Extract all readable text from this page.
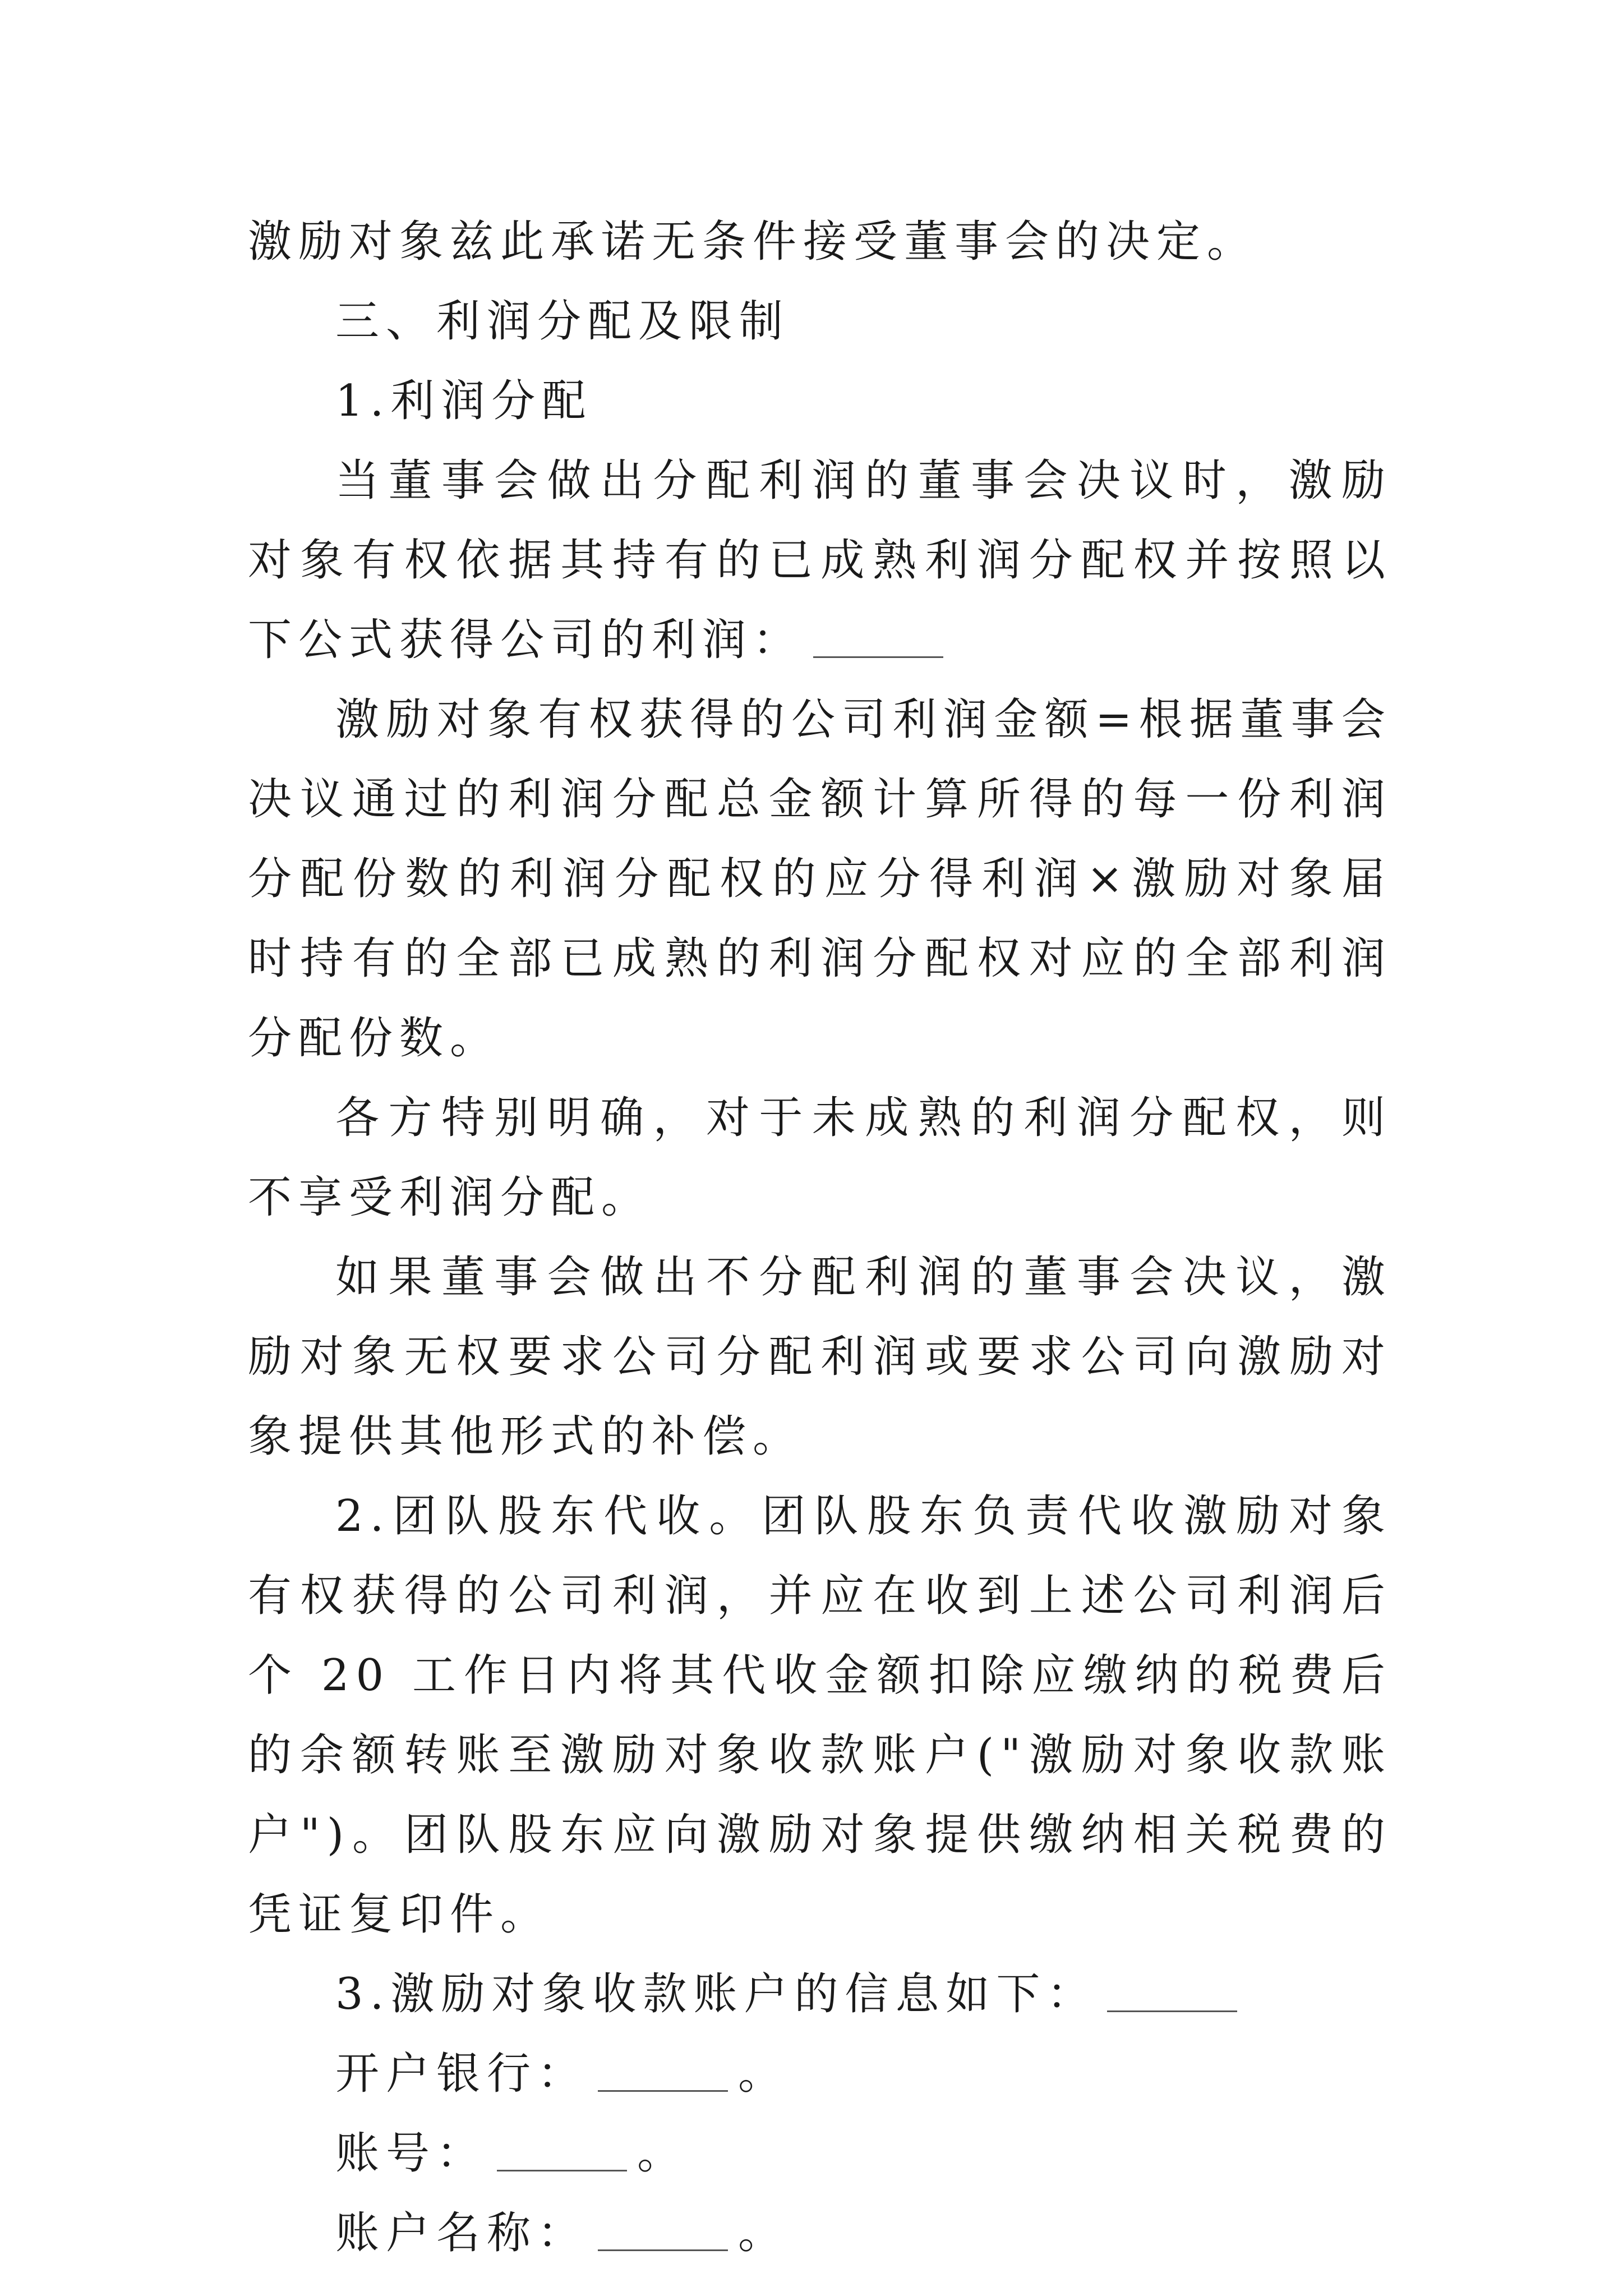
激励对象兹此承诺无条件接受董事会的决定。

三、利润分配及限制

1.利润分配

当董事会做出分配利润的董事会决议时，激励对象有权依据其持有的已成熟利润分配权并按照以下公式获得公司的利润：

激励对象有权获得的公司利润金额=根据董事会决议通过的利润分配总金额计算所得的每一份利润分配份数的利润分配权的应分得利润×激励对象届时持有的全部已成熟的利润分配权对应的全部利润分配份数。

各方特别明确，对于未成熟的利润分配权，则不享受利润分配。

如果董事会做出不分配利润的董事会决议，激励对象无权要求公司分配利润或要求公司向激励对象提供其他形式的补偿。

2.团队股东代收。团队股东负责代收激励对象有权获得的公司利润，并应在收到上述公司利润后个 20 工作日内将其代收金额扣除应缴纳的税费后的余额转账至激励对象收款账户("激励对象收款账户")。团队股东应向激励对象提供缴纳相关税费的凭证复印件。

3.激励对象收款账户的信息如下：

开户银行：	。

账号：	。

账户名称：	。
